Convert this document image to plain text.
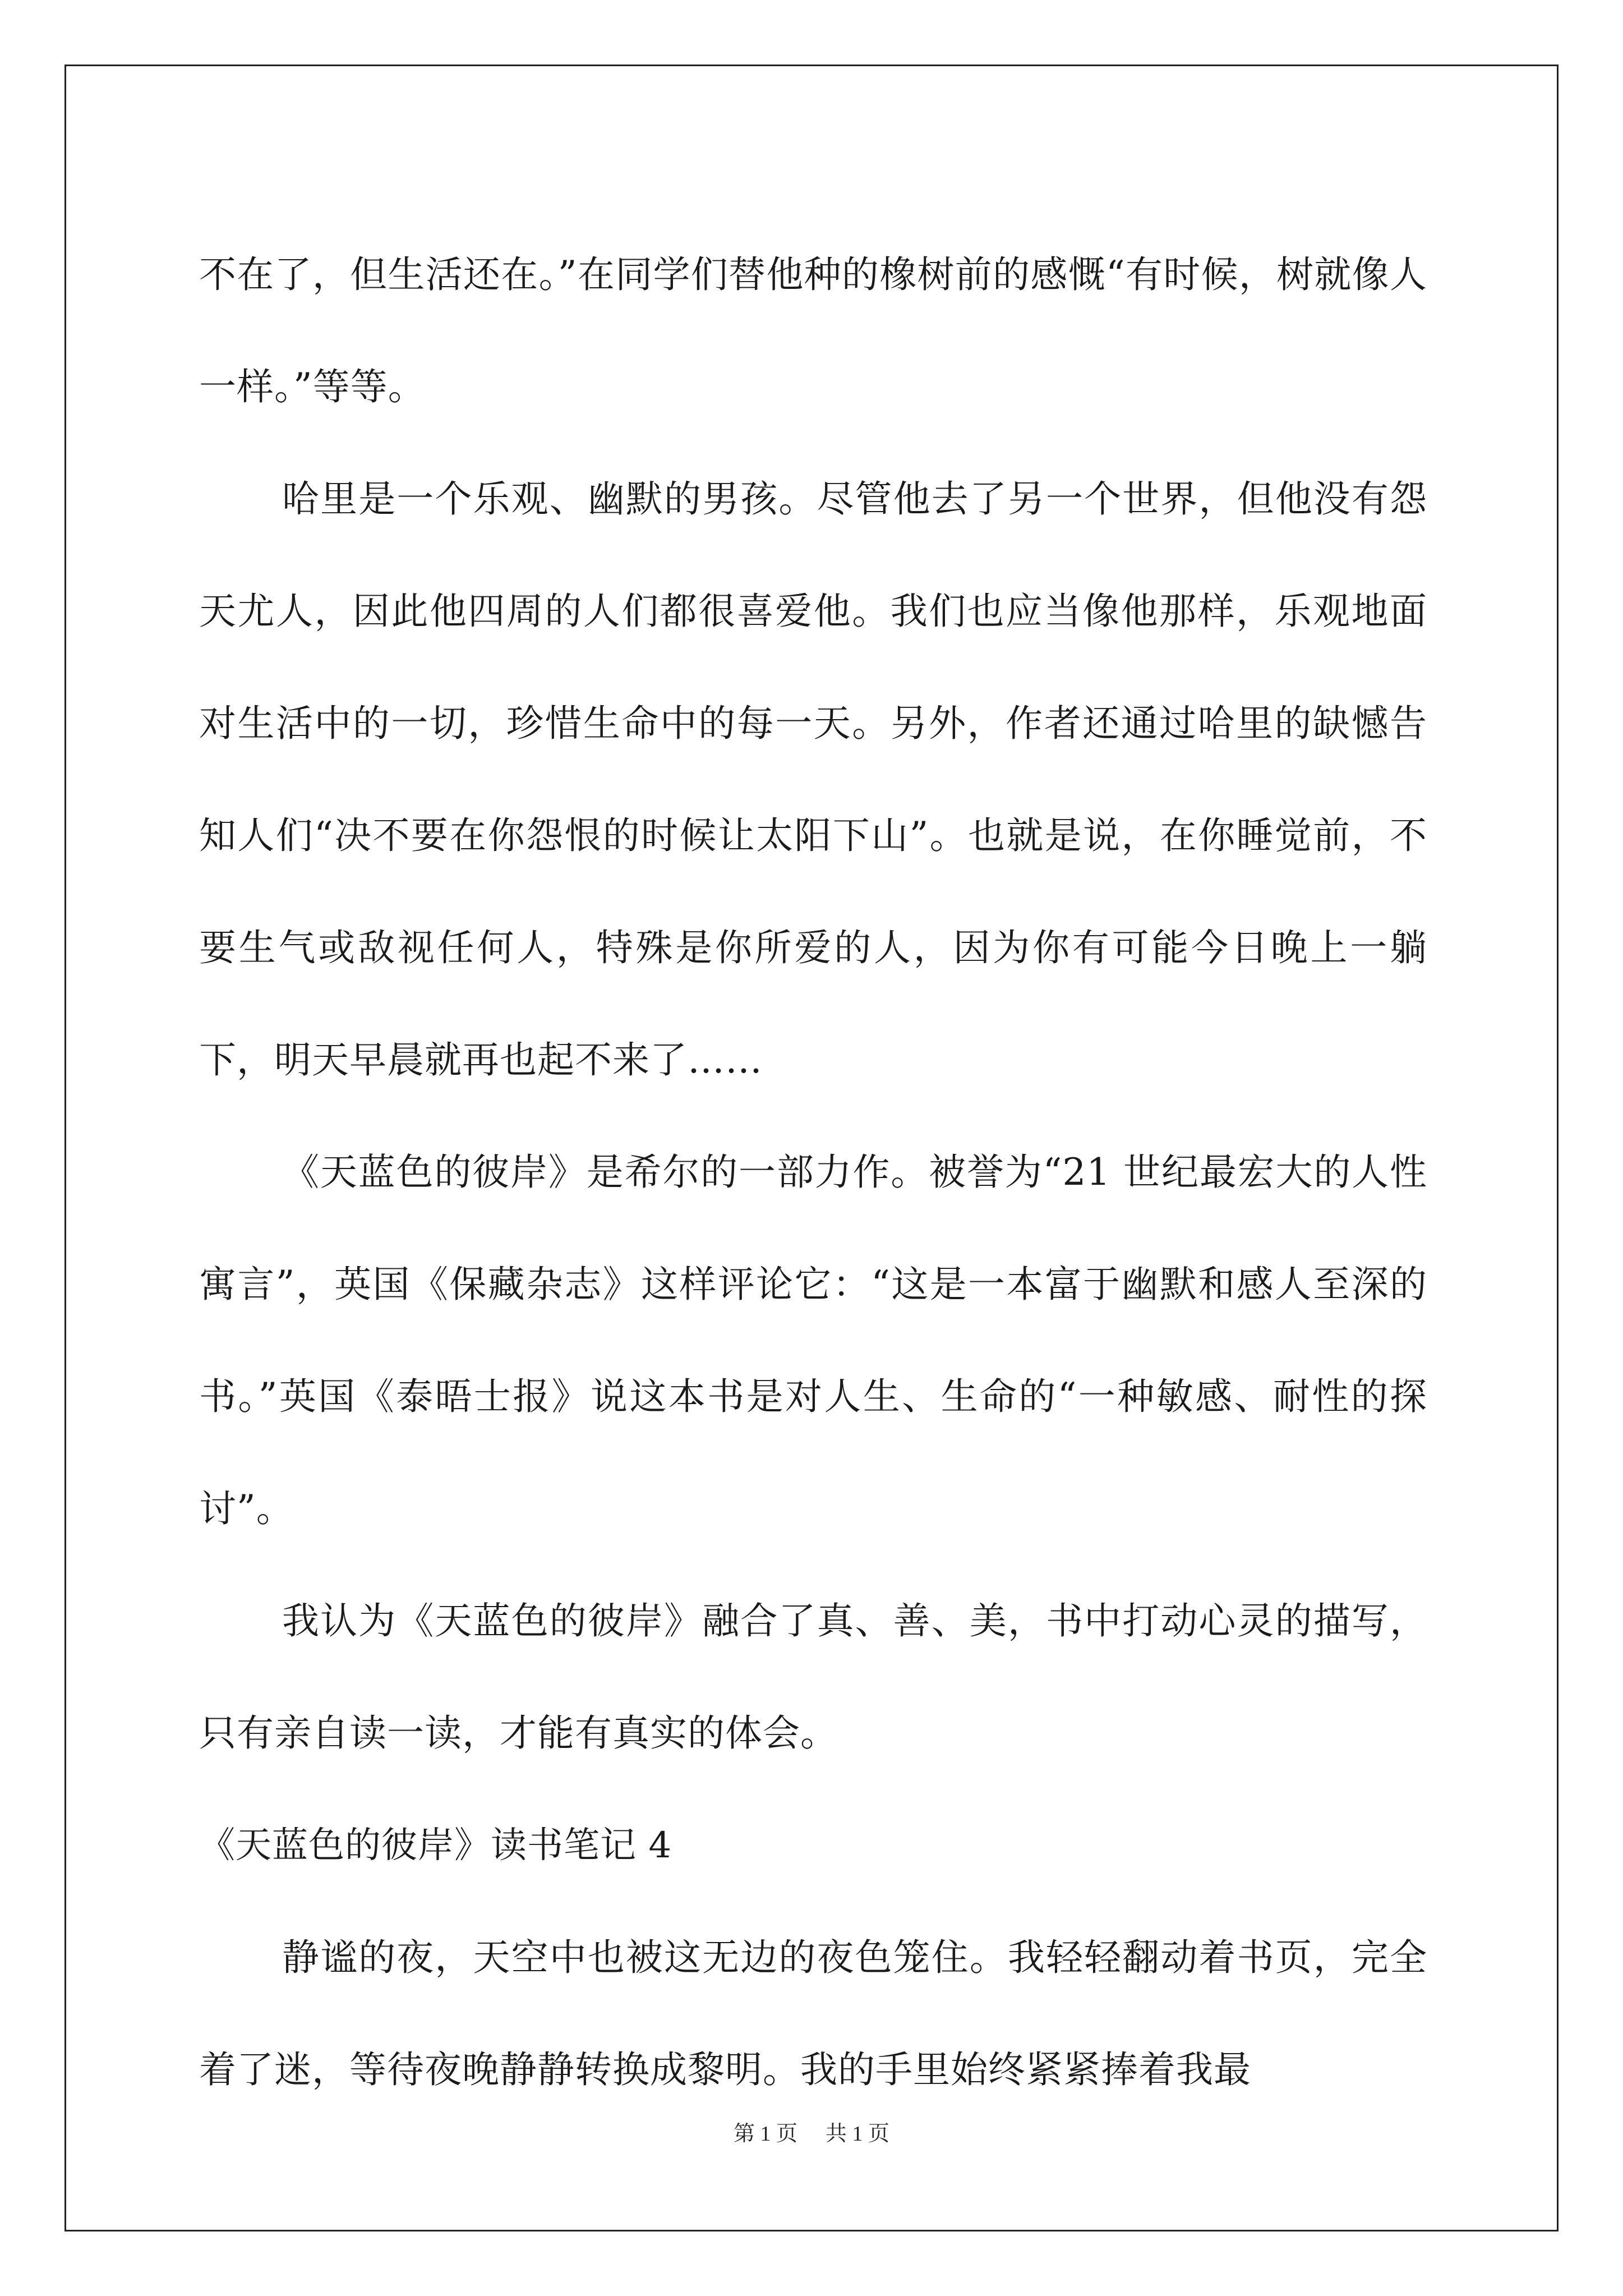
不在了，但生活还在。”在同学们替他种的橡树前的感慨“有时候，树就像人一样。”等等。

哈里是一个乐观、幽默的男孩。尽管他去了另一个世界，但他没有怨天尤人，因此他四周的人们都很喜爱他。我们也应当像他那样，乐观地面对生活中的一切，珍惜生命中的每一天。另外，作者还通过哈里的缺憾告知人们“决不要在你怨恨的时候让太阳下山”。也就是说，在你睡觉前，不要生气或敌视任何人，特殊是你所爱的人，因为你有可能今日晚上一躺下，明天早晨就再也起不来了……

《天蓝色的彼岸》是希尔的一部力作。被誉为“21 世纪最宏大的人性寓言”，英国《保藏杂志》这样评论它：“这是一本富于幽默和感人至深的书。”英国《泰晤士报》说这本书是对人生、生命的“一种敏感、耐性的探讨”。

我认为《天蓝色的彼岸》融合了真、善、美，书中打动心灵的描写，只有亲自读一读，才能有真实的体会。

《天蓝色的彼岸》读书笔记 4

静谧的夜，天空中也被这无边的夜色笼住。我轻轻翻动着书页，完全着了迷，等待夜晚静静转换成黎明。我的手里始终紧紧捧着我最

第 1 页 共 1 页
